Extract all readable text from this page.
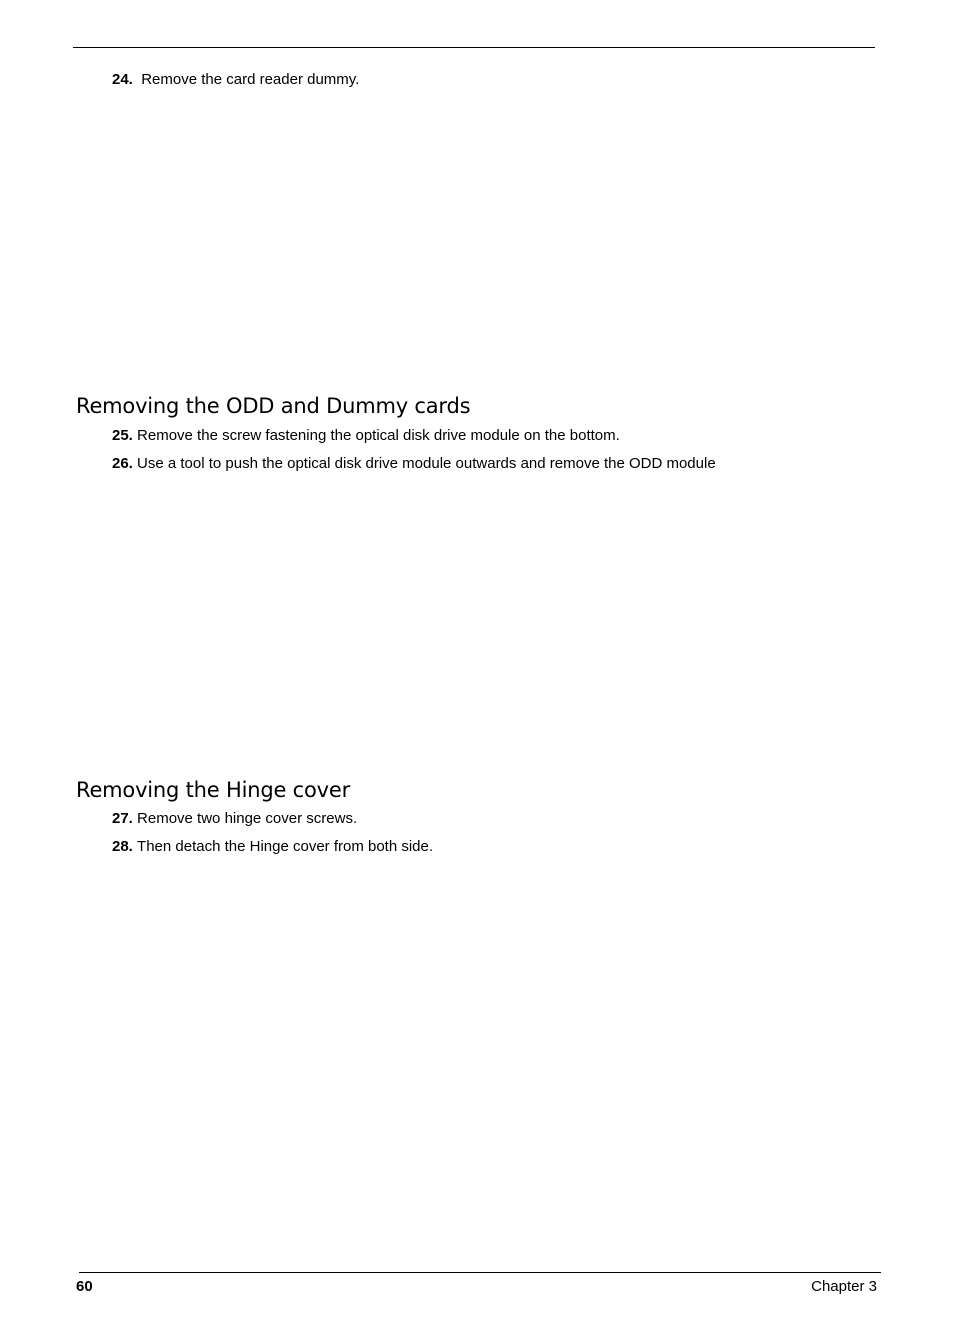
24. Remove the card reader dummy.
Removing the ODD and Dummy cards
25. Remove the screw fastening the optical disk drive module on the bottom.
26. Use a tool to push the optical disk drive module outwards and remove the ODD module
Removing the Hinge cover
27. Remove two hinge cover screws.
28. Then detach the Hinge cover from both side.
60	Chapter 3
